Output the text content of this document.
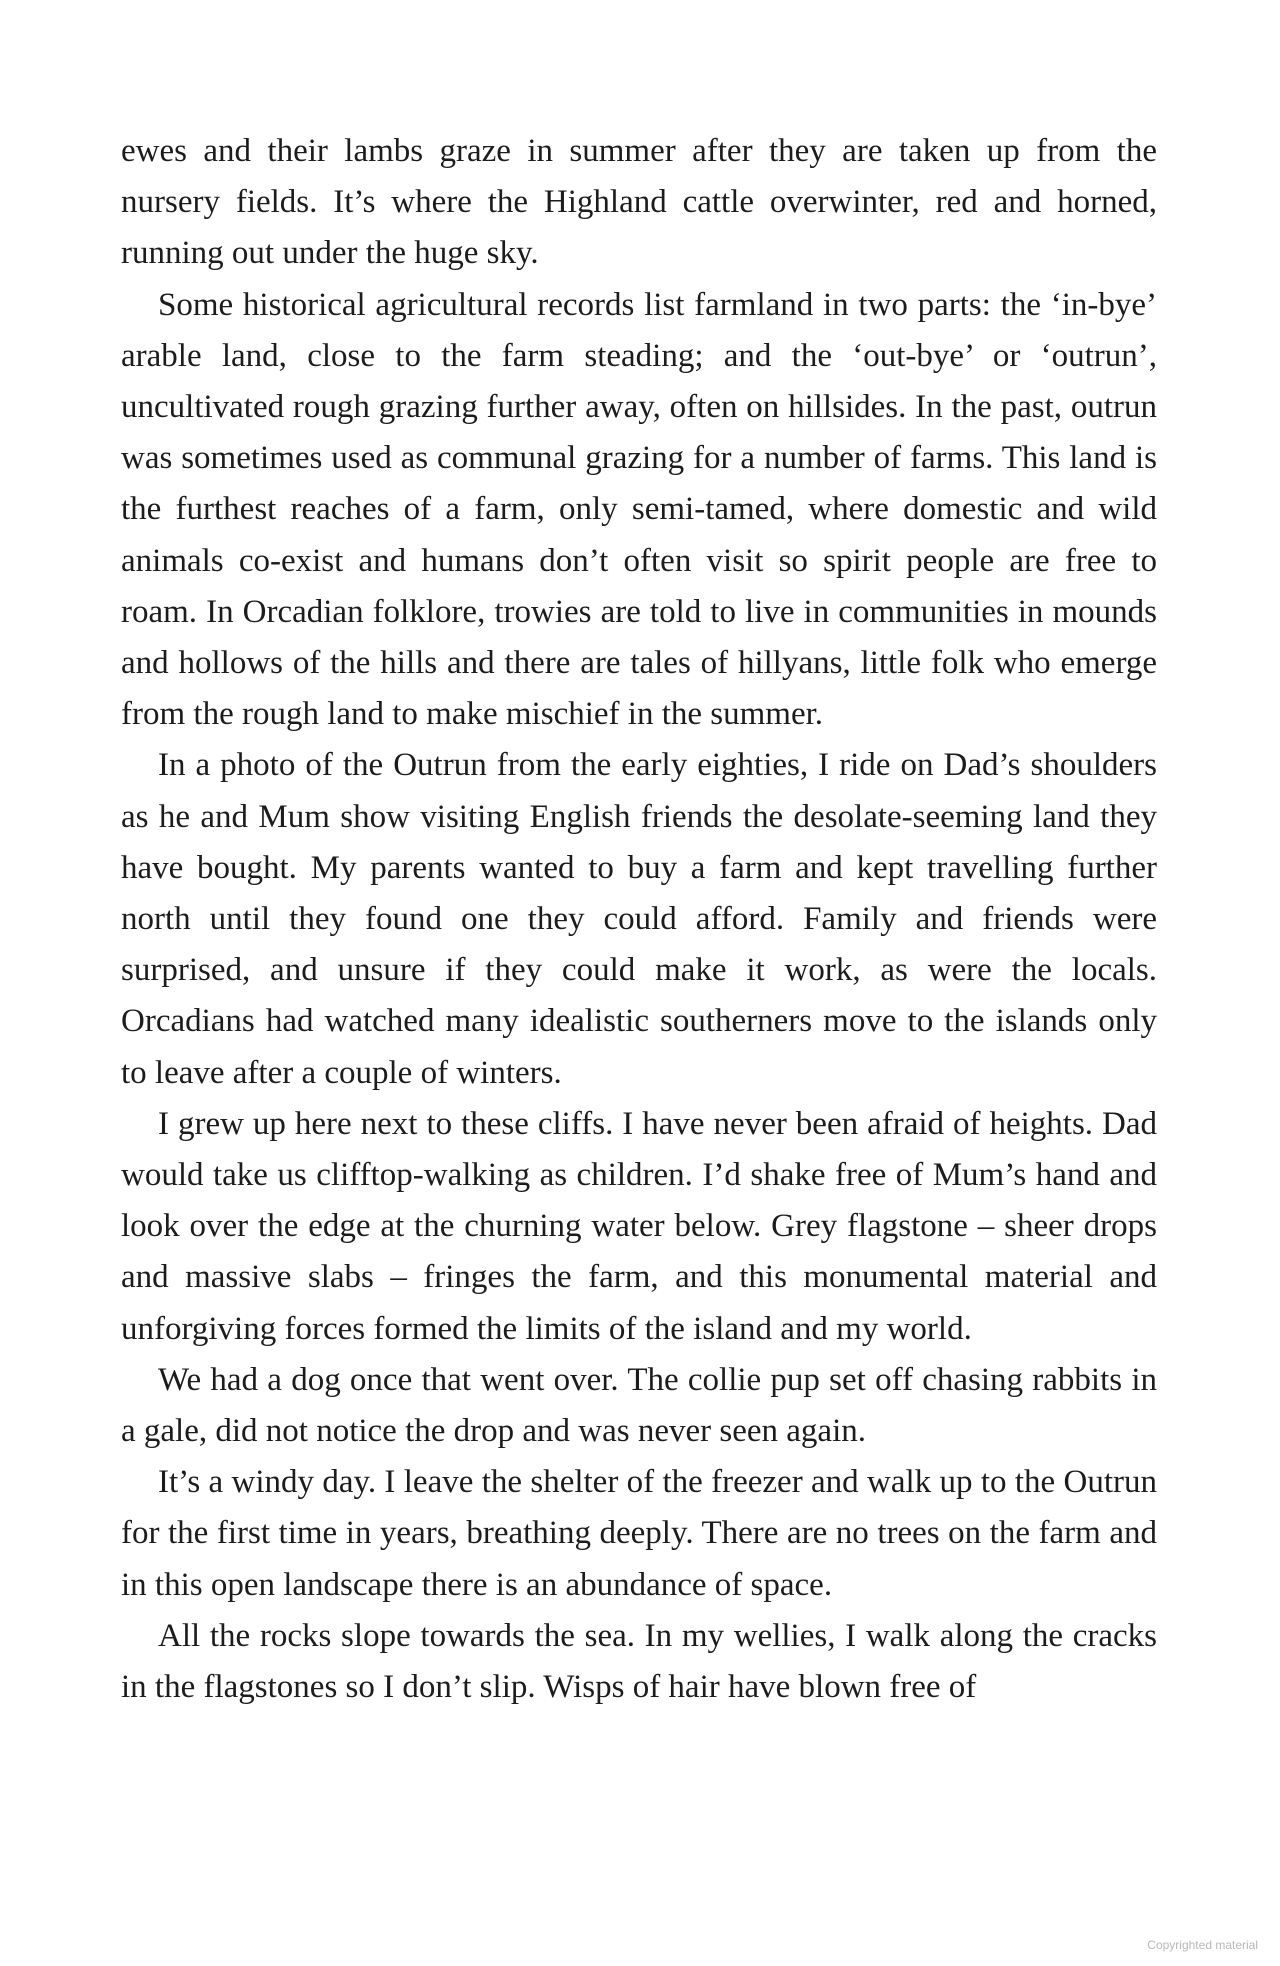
ewes and their lambs graze in summer after they are taken up from the nursery fields. It’s where the Highland cattle overwinter, red and horned, running out under the huge sky.

Some historical agricultural records list farmland in two parts: the ‘in-bye’ arable land, close to the farm steading; and the ‘out-bye’ or ‘outrun’, uncultivated rough grazing further away, often on hillsides. In the past, outrun was sometimes used as communal grazing for a number of farms. This land is the furthest reaches of a farm, only semi-tamed, where domestic and wild animals co-exist and humans don’t often visit so spirit people are free to roam. In Orcadian folklore, trowies are told to live in communities in mounds and hollows of the hills and there are tales of hillyans, little folk who emerge from the rough land to make mischief in the summer.

In a photo of the Outrun from the early eighties, I ride on Dad’s shoulders as he and Mum show visiting English friends the desolate-seeming land they have bought. My parents wanted to buy a farm and kept travelling further north until they found one they could afford. Family and friends were surprised, and unsure if they could make it work, as were the locals. Orcadians had watched many idealistic southerners move to the islands only to leave after a couple of winters.

I grew up here next to these cliffs. I have never been afraid of heights. Dad would take us clifftop-walking as children. I’d shake free of Mum’s hand and look over the edge at the churning water below. Grey flagstone – sheer drops and massive slabs – fringes the farm, and this monumental material and unforgiving forces formed the limits of the island and my world.

We had a dog once that went over. The collie pup set off chasing rabbits in a gale, did not notice the drop and was never seen again.

It’s a windy day. I leave the shelter of the freezer and walk up to the Outrun for the first time in years, breathing deeply. There are no trees on the farm and in this open landscape there is an abundance of space.

All the rocks slope towards the sea. In my wellies, I walk along the cracks in the flagstones so I don’t slip. Wisps of hair have blown free of

Copyrighted material
